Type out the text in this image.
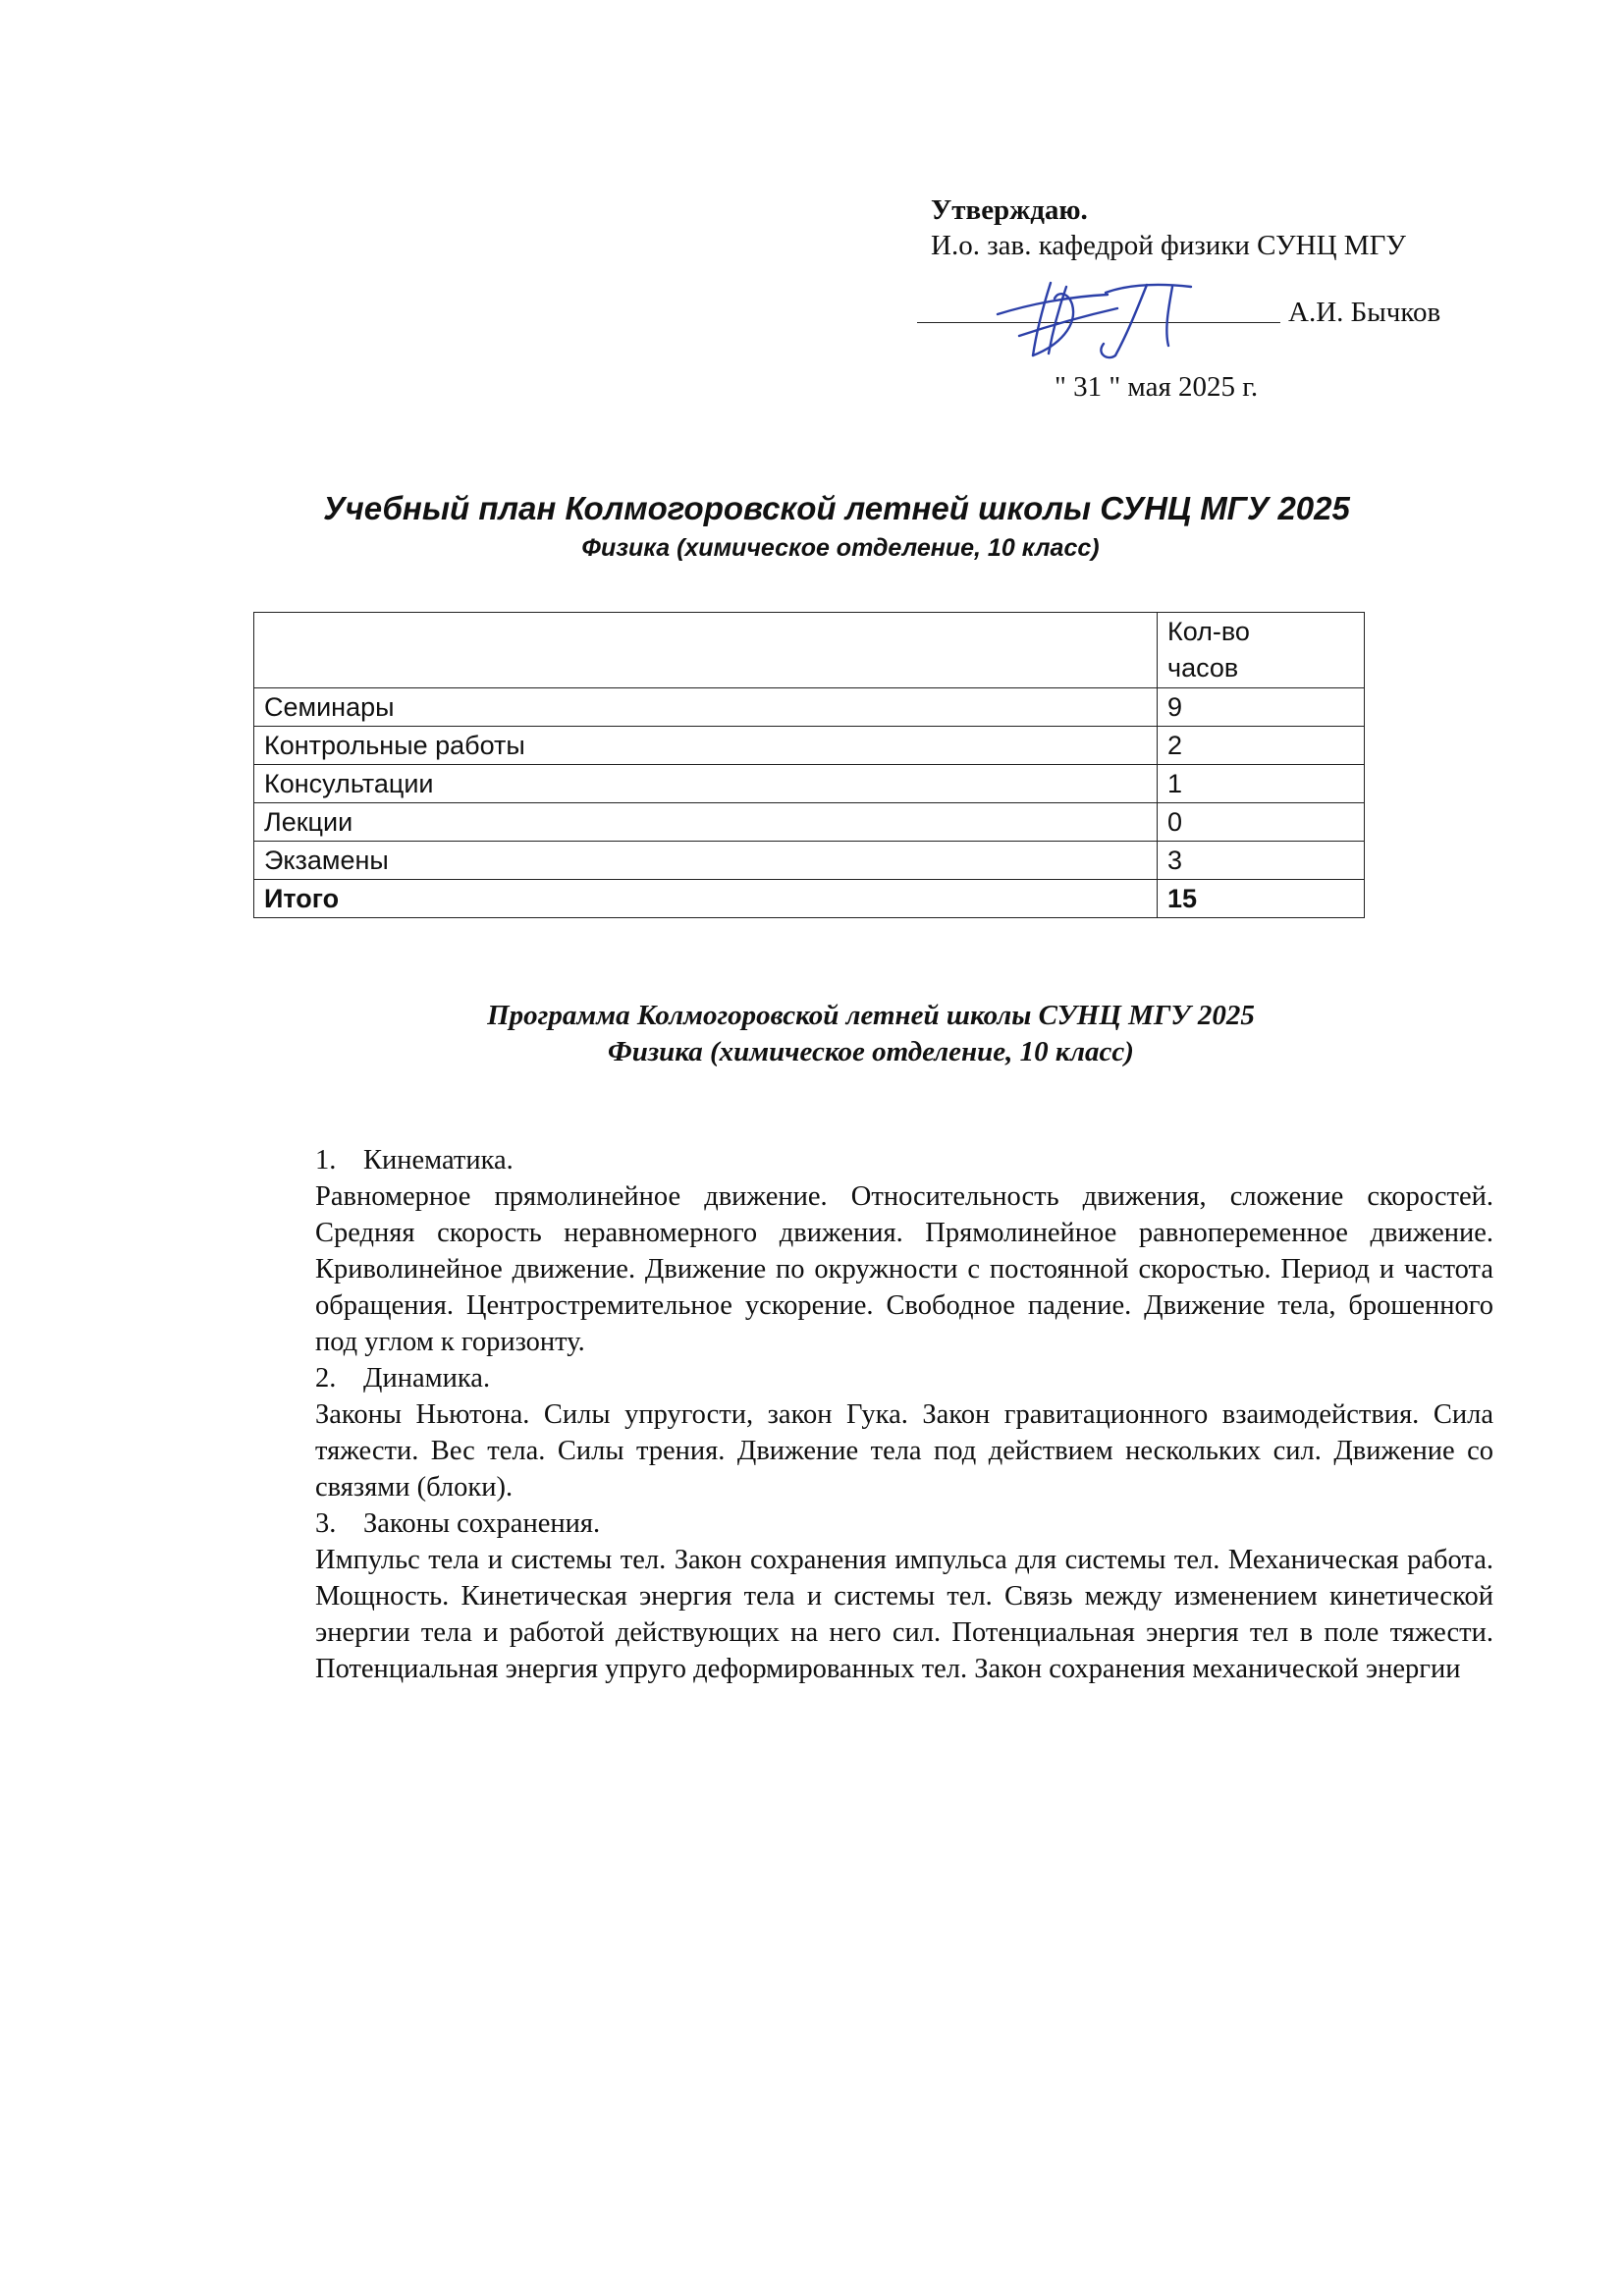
Утверждаю.
И.о. зав. кафедрой физики СУНЦ МГУ
А.И. Бычков
" 31 " мая 2025 г.
Учебный план Колмогоровской летней школы СУНЦ МГУ 2025
Физика (химическое отделение, 10 класс)
	Кол-во
часов
Семинары	9
Контрольные работы	2
Консультации	1
Лекции	0
Экзамены	3
Итого	15
Программа Колмогоровской летней школы СУНЦ МГУ 2025
Физика (химическое отделение, 10 класс)
1. Кинематика.
Равномерное прямолинейное движение. Относительность движения, сложение скоростей. Средняя скорость неравномерного движения. Прямолинейное равнопеременное движение. Криволинейное движение. Движение по окружности с постоянной скоростью. Период и частота обращения. Центростремительное ускорение. Свободное падение. Движение тела, брошенного под углом к горизонту.
2. Динамика.
Законы Ньютона. Силы упругости, закон Гука. Закон гравитационного взаимодействия. Сила тяжести. Вес тела. Силы трения. Движение тела под действием нескольких сил. Движение со связями (блоки).
3. Законы сохранения.
Импульс тела и системы тел. Закон сохранения импульса для системы тел. Механическая работа. Мощность. Кинетическая энергия тела и системы тел. Связь между изменением кинетической энергии тела и работой действующих на него сил. Потенциальная энергия тел в поле тяжести. Потенциальная энергия упруго деформированных тел. Закон сохранения механической энергии
